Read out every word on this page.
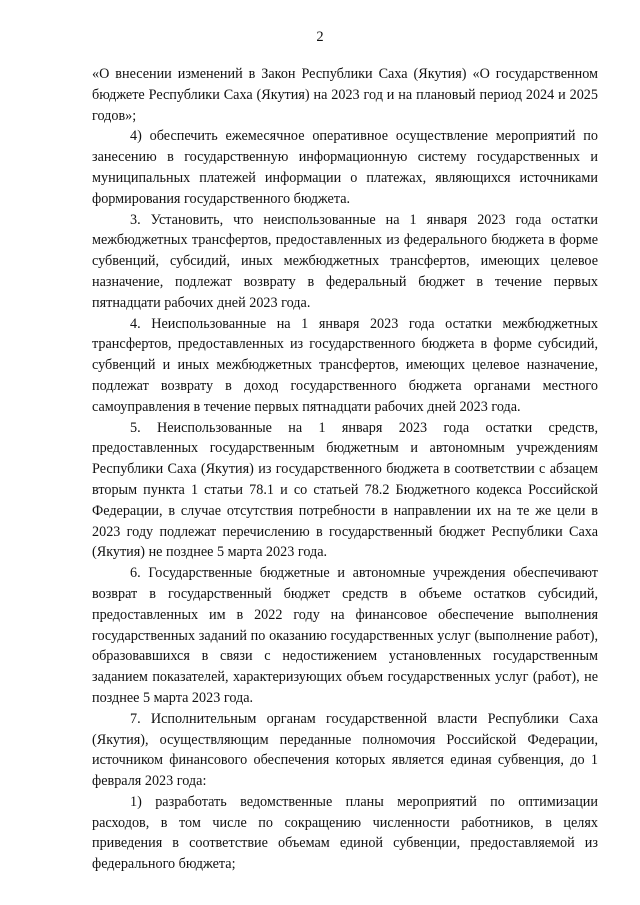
2

«О внесении изменений в Закон Республики Саха (Якутия) «О государственном бюджете Республики Саха (Якутия) на 2023 год и на плановый период 2024 и 2025 годов»;

4) обеспечить ежемесячное оперативное осуществление мероприятий по занесению в государственную информационную систему государственных и муниципальных платежей информации о платежах, являющихся источниками формирования государственного бюджета.

3. Установить, что неиспользованные на 1 января 2023 года остатки межбюджетных трансфертов, предоставленных из федерального бюджета в форме субвенций, субсидий, иных межбюджетных трансфертов, имеющих целевое назначение, подлежат возврату в федеральный бюджет в течение первых пятнадцати рабочих дней 2023 года.

4. Неиспользованные на 1 января 2023 года остатки межбюджетных трансфертов, предоставленных из государственного бюджета в форме субсидий, субвенций и иных межбюджетных трансфертов, имеющих целевое назначение, подлежат возврату в доход государственного бюджета органами местного самоуправления в течение первых пятнадцати рабочих дней 2023 года.

5. Неиспользованные на 1 января 2023 года остатки средств, предоставленных государственным бюджетным и автономным учреждениям Республики Саха (Якутия) из государственного бюджета в соответствии с абзацем вторым пункта 1 статьи 78.1 и со статьей 78.2 Бюджетного кодекса Российской Федерации, в случае отсутствия потребности в направлении их на те же цели в 2023 году подлежат перечислению в государственный бюджет Республики Саха (Якутия) не позднее 5 марта 2023 года.

6. Государственные бюджетные и автономные учреждения обеспечивают возврат в государственный бюджет средств в объеме остатков субсидий, предоставленных им в 2022 году на финансовое обеспечение выполнения государственных заданий по оказанию государственных услуг (выполнение работ), образовавшихся в связи с недостижением установленных государственным заданием показателей, характеризующих объем государственных услуг (работ), не позднее 5 марта 2023 года.

7. Исполнительным органам государственной власти Республики Саха (Якутия), осуществляющим переданные полномочия Российской Федерации, источником финансового обеспечения которых является единая субвенция, до 1 февраля 2023 года:

1) разработать ведомственные планы мероприятий по оптимизации расходов, в том числе по сокращению численности работников, в целях приведения в соответствие объемам единой субвенции, предоставляемой из федерального бюджета;
